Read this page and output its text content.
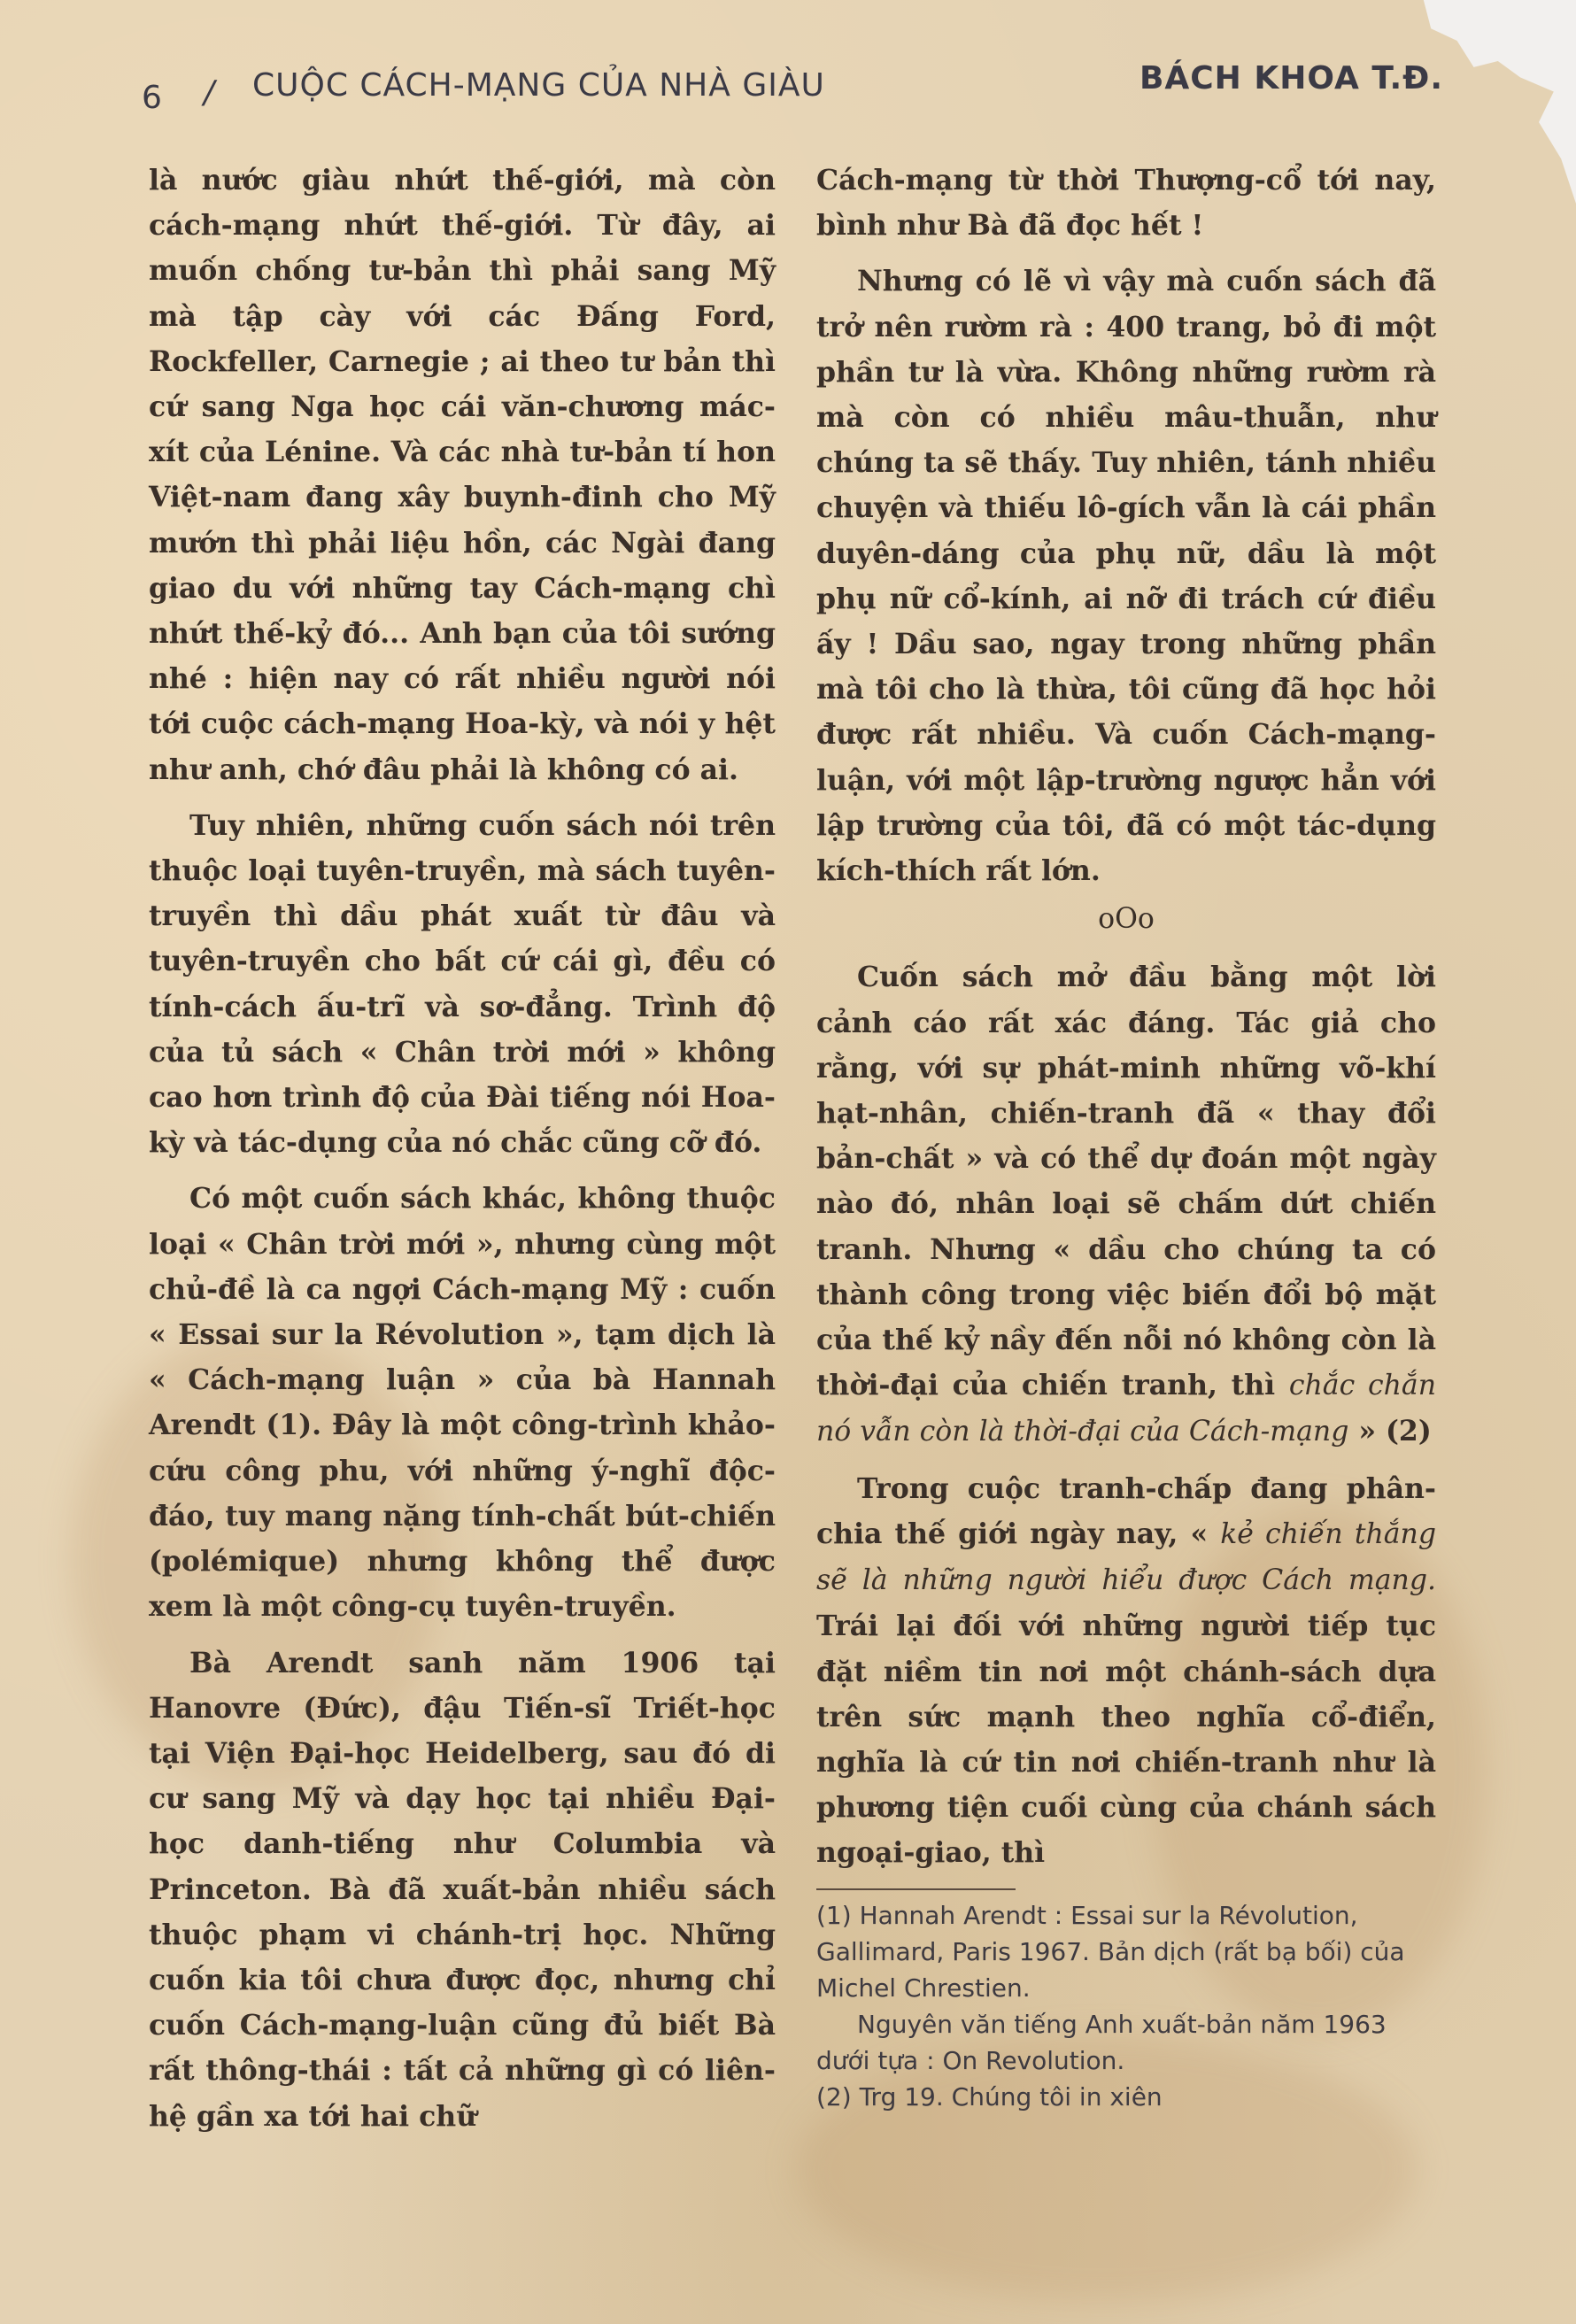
6 / CUỘC CÁCH-MẠNG CỦA NHÀ GIÀU	BÁCH KHOA T.Đ.

là nước giàu nhứt thế-giới, mà còn cách-mạng nhứt thế-giới. Từ đây, ai muốn chống tư-bản thì phải sang Mỹ mà tập cày với các Đấng Ford, Rockfeller, Carnegie ; ai theo tư bản thì cứ sang Nga học cái văn-chương mác-xít của Lénine. Và các nhà tư-bản tí hon Việt-nam đang xây buynh-đinh cho Mỹ mướn thì phải liệu hồn, các Ngài đang giao du với những tay Cách-mạng chì nhứt thế-kỷ đó... Anh bạn của tôi sướng nhé : hiện nay có rất nhiều người nói tới cuộc cách-mạng Hoa-kỳ, và nói y hệt như anh, chớ đâu phải là không có ai.

Tuy nhiên, những cuốn sách nói trên thuộc loại tuyên-truyền, mà sách tuyên-truyền thì dầu phát xuất từ đâu và tuyên-truyền cho bất cứ cái gì, đều có tính-cách ấu-trĩ và sơ-đẳng. Trình độ của tủ sách « Chân trời mới » không cao hơn trình độ của Đài tiếng nói Hoa-kỳ và tác-dụng của nó chắc cũng cỡ đó.

Có một cuốn sách khác, không thuộc loại « Chân trời mới », nhưng cùng một chủ-đề là ca ngợi Cách-mạng Mỹ : cuốn « Essai sur la Révolution », tạm dịch là « Cách-mạng luận » của bà Hannah Arendt (1). Đây là một công-trình khảo-cứu công phu, với những ý-nghĩ độc-đáo, tuy mang nặng tính-chất bút-chiến (polémique) nhưng không thể được xem là một công-cụ tuyên-truyền.

Bà Arendt sanh năm 1906 tại Hanovre (Đức), đậu Tiến-sĩ Triết-học tại Viện Đại-học Heidelberg, sau đó di cư sang Mỹ và dạy học tại nhiều Đại-học danh-tiếng như Columbia và Princeton. Bà đã xuất-bản nhiều sách thuộc phạm vi chánh-trị học. Những cuốn kia tôi chưa được đọc, nhưng chỉ cuốn Cách-mạng-luận cũng đủ biết Bà rất thông-thái : tất cả những gì có liên-hệ gần xa tới hai chữ

Cách-mạng từ thời Thượng-cổ tới nay, bình như Bà đã đọc hết !

Nhưng có lẽ vì vậy mà cuốn sách đã trở nên rườm rà : 400 trang, bỏ đi một phần tư là vừa. Không những rườm rà mà còn có nhiều mâu-thuẫn, như chúng ta sẽ thấy. Tuy nhiên, tánh nhiều chuyện và thiếu lô-gích vẫn là cái phần duyên-dáng của phụ nữ, dầu là một phụ nữ cổ-kính, ai nỡ đi trách cứ điều ấy ! Dầu sao, ngay trong những phần mà tôi cho là thừa, tôi cũng đã học hỏi được rất nhiều. Và cuốn Cách-mạng-luận, với một lập-trường ngược hẳn với lập trường của tôi, đã có một tác-dụng kích-thích rất lớn.

oOo

Cuốn sách mở đầu bằng một lời cảnh cáo rất xác đáng. Tác giả cho rằng, với sự phát-minh những võ-khí hạt-nhân, chiến-tranh đã « thay đổi bản-chất » và có thể dự đoán một ngày nào đó, nhân loại sẽ chấm dứt chiến tranh. Nhưng « dầu cho chúng ta có thành công trong việc biến đổi bộ mặt của thế kỷ nầy đến nỗi nó không còn là thời-đại của chiến tranh, thì chắc chắn nó vẫn còn là thời-đại của Cách-mạng » (2)

Trong cuộc tranh-chấp đang phân-chia thế giới ngày nay, « kẻ chiến thắng sẽ là những người hiểu được Cách mạng. Trái lại đối với những người tiếp tục đặt niềm tin nơi một chánh-sách dựa trên sức mạnh theo nghĩa cổ-điển, nghĩa là cứ tin nơi chiến-tranh như là phương tiện cuối cùng của chánh sách ngoại-giao, thì

(1) Hannah Arendt : Essai sur la Révolution, Gallimard, Paris 1967. Bản dịch (rất bạ bối) của Michel Chrestien.

Nguyên văn tiếng Anh xuất-bản năm 1963 dưới tựa : On Revolution.

(2) Trg 19. Chúng tôi in xiên
